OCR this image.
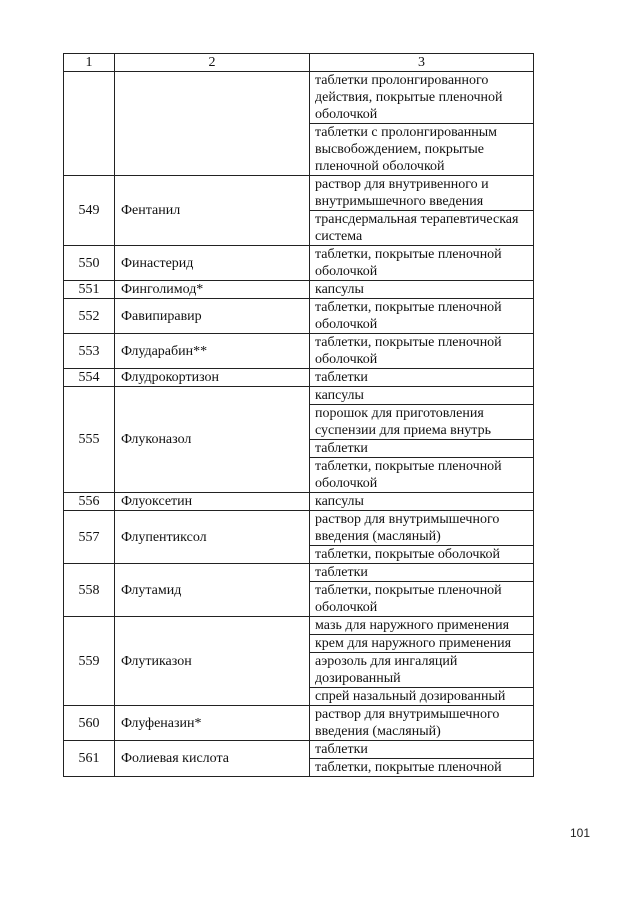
1	2	3
		таблетки пролонгированного действия, покрытые пленочной оболочкой
		таблетки с пролонгированным высвобождением, покрытые пленочной оболочкой
549	Фентанил	раствор для внутривенного и внутримышечного введения
		трансдермальная терапевтическая система
550	Финастерид	таблетки, покрытые пленочной оболочкой
551	Финголимод*	капсулы
552	Фавипиравир	таблетки, покрытые пленочной оболочкой
553	Флударабин**	таблетки, покрытые пленочной оболочкой
554	Флудрокортизон	таблетки
555	Флуконазол	капсулы
		порошок для приготовления суспензии для приема внутрь
		таблетки
		таблетки, покрытые пленочной оболочкой
556	Флуоксетин	капсулы
557	Флупентиксол	раствор для внутримышечного введения (масляный)
		таблетки, покрытые оболочкой
558	Флутамид	таблетки
		таблетки, покрытые пленочной оболочкой
559	Флутиказон	мазь для наружного применения
		крем для наружного применения
		аэрозоль для ингаляций дозированный
		спрей назальный дозированный
560	Флуфеназин*	раствор для внутримышечного введения (масляный)
561	Фолиевая кислота	таблетки
		таблетки, покрытые пленочной
101
